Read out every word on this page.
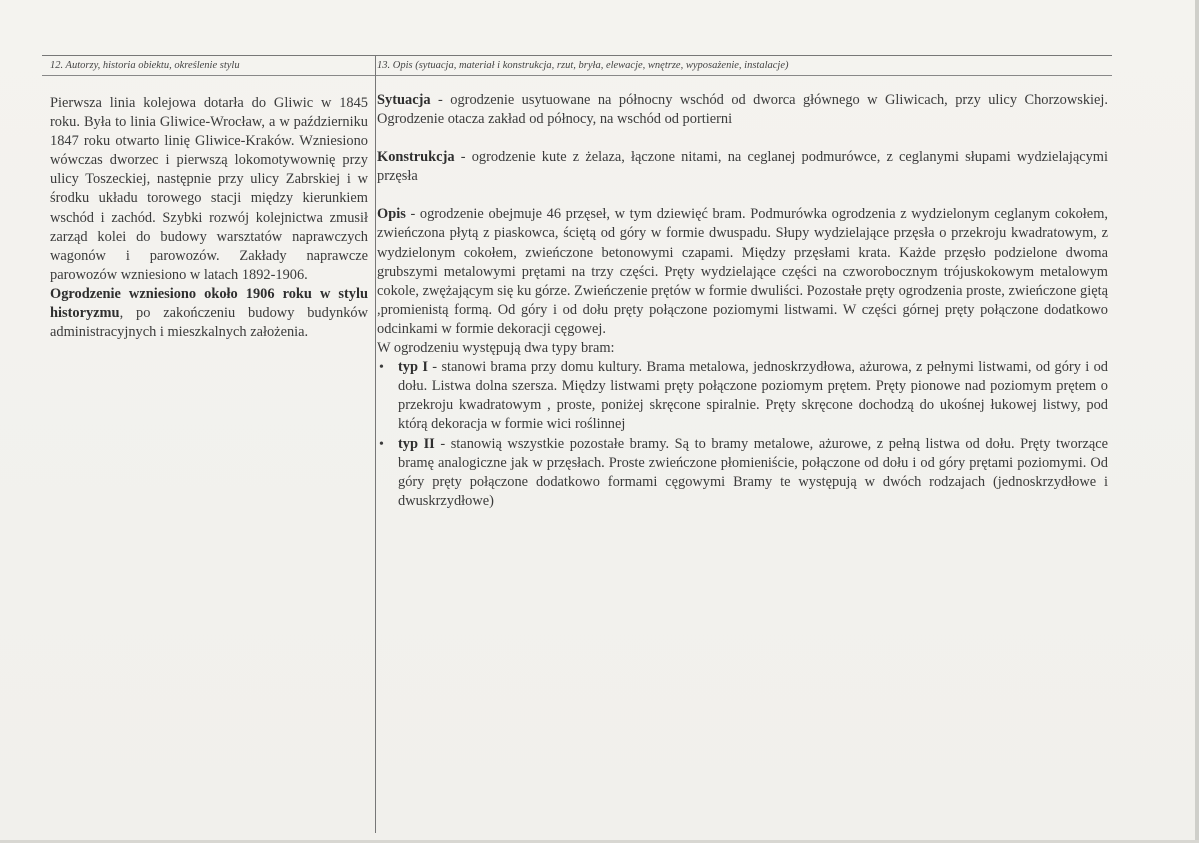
12. Autorzy, historia obiektu, określenie stylu	13. Opis (sytuacja, materiał i konstrukcja, rzut, bryła, elewacje, wnętrze, wyposażenie, instalacje)

Pierwsza linia kolejowa dotarła do Gliwic w 1845 roku. Była to linia Gliwice-Wrocław, a w październiku 1847 roku otwarto linię Gliwice-Kraków. Wzniesiono wówczas dworzec i pierwszą lokomotywownię przy ulicy Toszeckiej, następnie przy ulicy Zabrskiej i w środku układu torowego stacji między kierunkiem wschód i zachód. Szybki rozwój kolejnictwa zmusił zarząd kolei do budowy warsztatów naprawczych wagonów i parowozów. Zakłady naprawcze parowozów wzniesiono w latach 1892-1906.

Ogrodzenie wzniesiono około 1906 roku w stylu historyzmu, po zakończeniu budowy budynków administracyjnych i mieszkalnych założenia.

Sytuacja - ogrodzenie usytuowane na północny wschód od dworca głównego w Gliwicach, przy ulicy Chorzowskiej. Ogrodzenie otacza zakład od północy, na wschód od portierni

Konstrukcja - ogrodzenie kute z żelaza, łączone nitami, na ceglanej podmurówce, z ceglanymi słupami wydzielającymi przęsła

Opis - ogrodzenie obejmuje 46 przęseł, w tym dziewięć bram. Podmurówka ogrodzenia z wydzielonym ceglanym cokołem, zwieńczona płytą z piaskowca, ściętą od góry w formie dwuspadu. Słupy wydzielające przęsła o przekroju kwadratowym, z wydzielonym cokołem, zwieńczone betonowymi czapami. Między przęsłami krata. Każde przęsło podzielone dwoma grubszymi metalowymi prętami na trzy części. Pręty wydzielające części na czworobocznym trójuskokowym metalowym cokole, zwężającym się ku górze. Zwieńczenie prętów w formie dwuliści. Pozostałe pręty ogrodzenia proste, zwieńczone giętą ,promienistą formą. Od góry i od dołu pręty połączone poziomymi listwami. W części górnej pręty połączone dodatkowo odcinkami w formie dekoracji cęgowej.

W ogrodzeniu występują dwa typy bram:

• typ I - stanowi brama przy domu kultury. Brama metalowa, jednoskrzydłowa, ażurowa, z pełnymi listwami, od góry i od dołu. Listwa dolna szersza. Między listwami pręty połączone poziomym prętem. Pręty pionowe nad poziomym prętem o przekroju kwadratowym , proste, poniżej skręcone spiralnie. Pręty skręcone dochodzą do ukośnej łukowej listwy, pod którą dekoracja w formie wici roślinnej
• typ II - stanowią wszystkie pozostałe bramy. Są to bramy metalowe, ażurowe, z pełną listwa od dołu. Pręty tworzące bramę analogiczne jak w przęsłach. Proste zwieńczone płomieniście, połączone od dołu i od góry prętami poziomymi. Od góry pręty połączone dodatkowo formami cęgowymi Bramy te występują w dwóch rodzajach (jednoskrzydłowe i dwuskrzydłowe)
